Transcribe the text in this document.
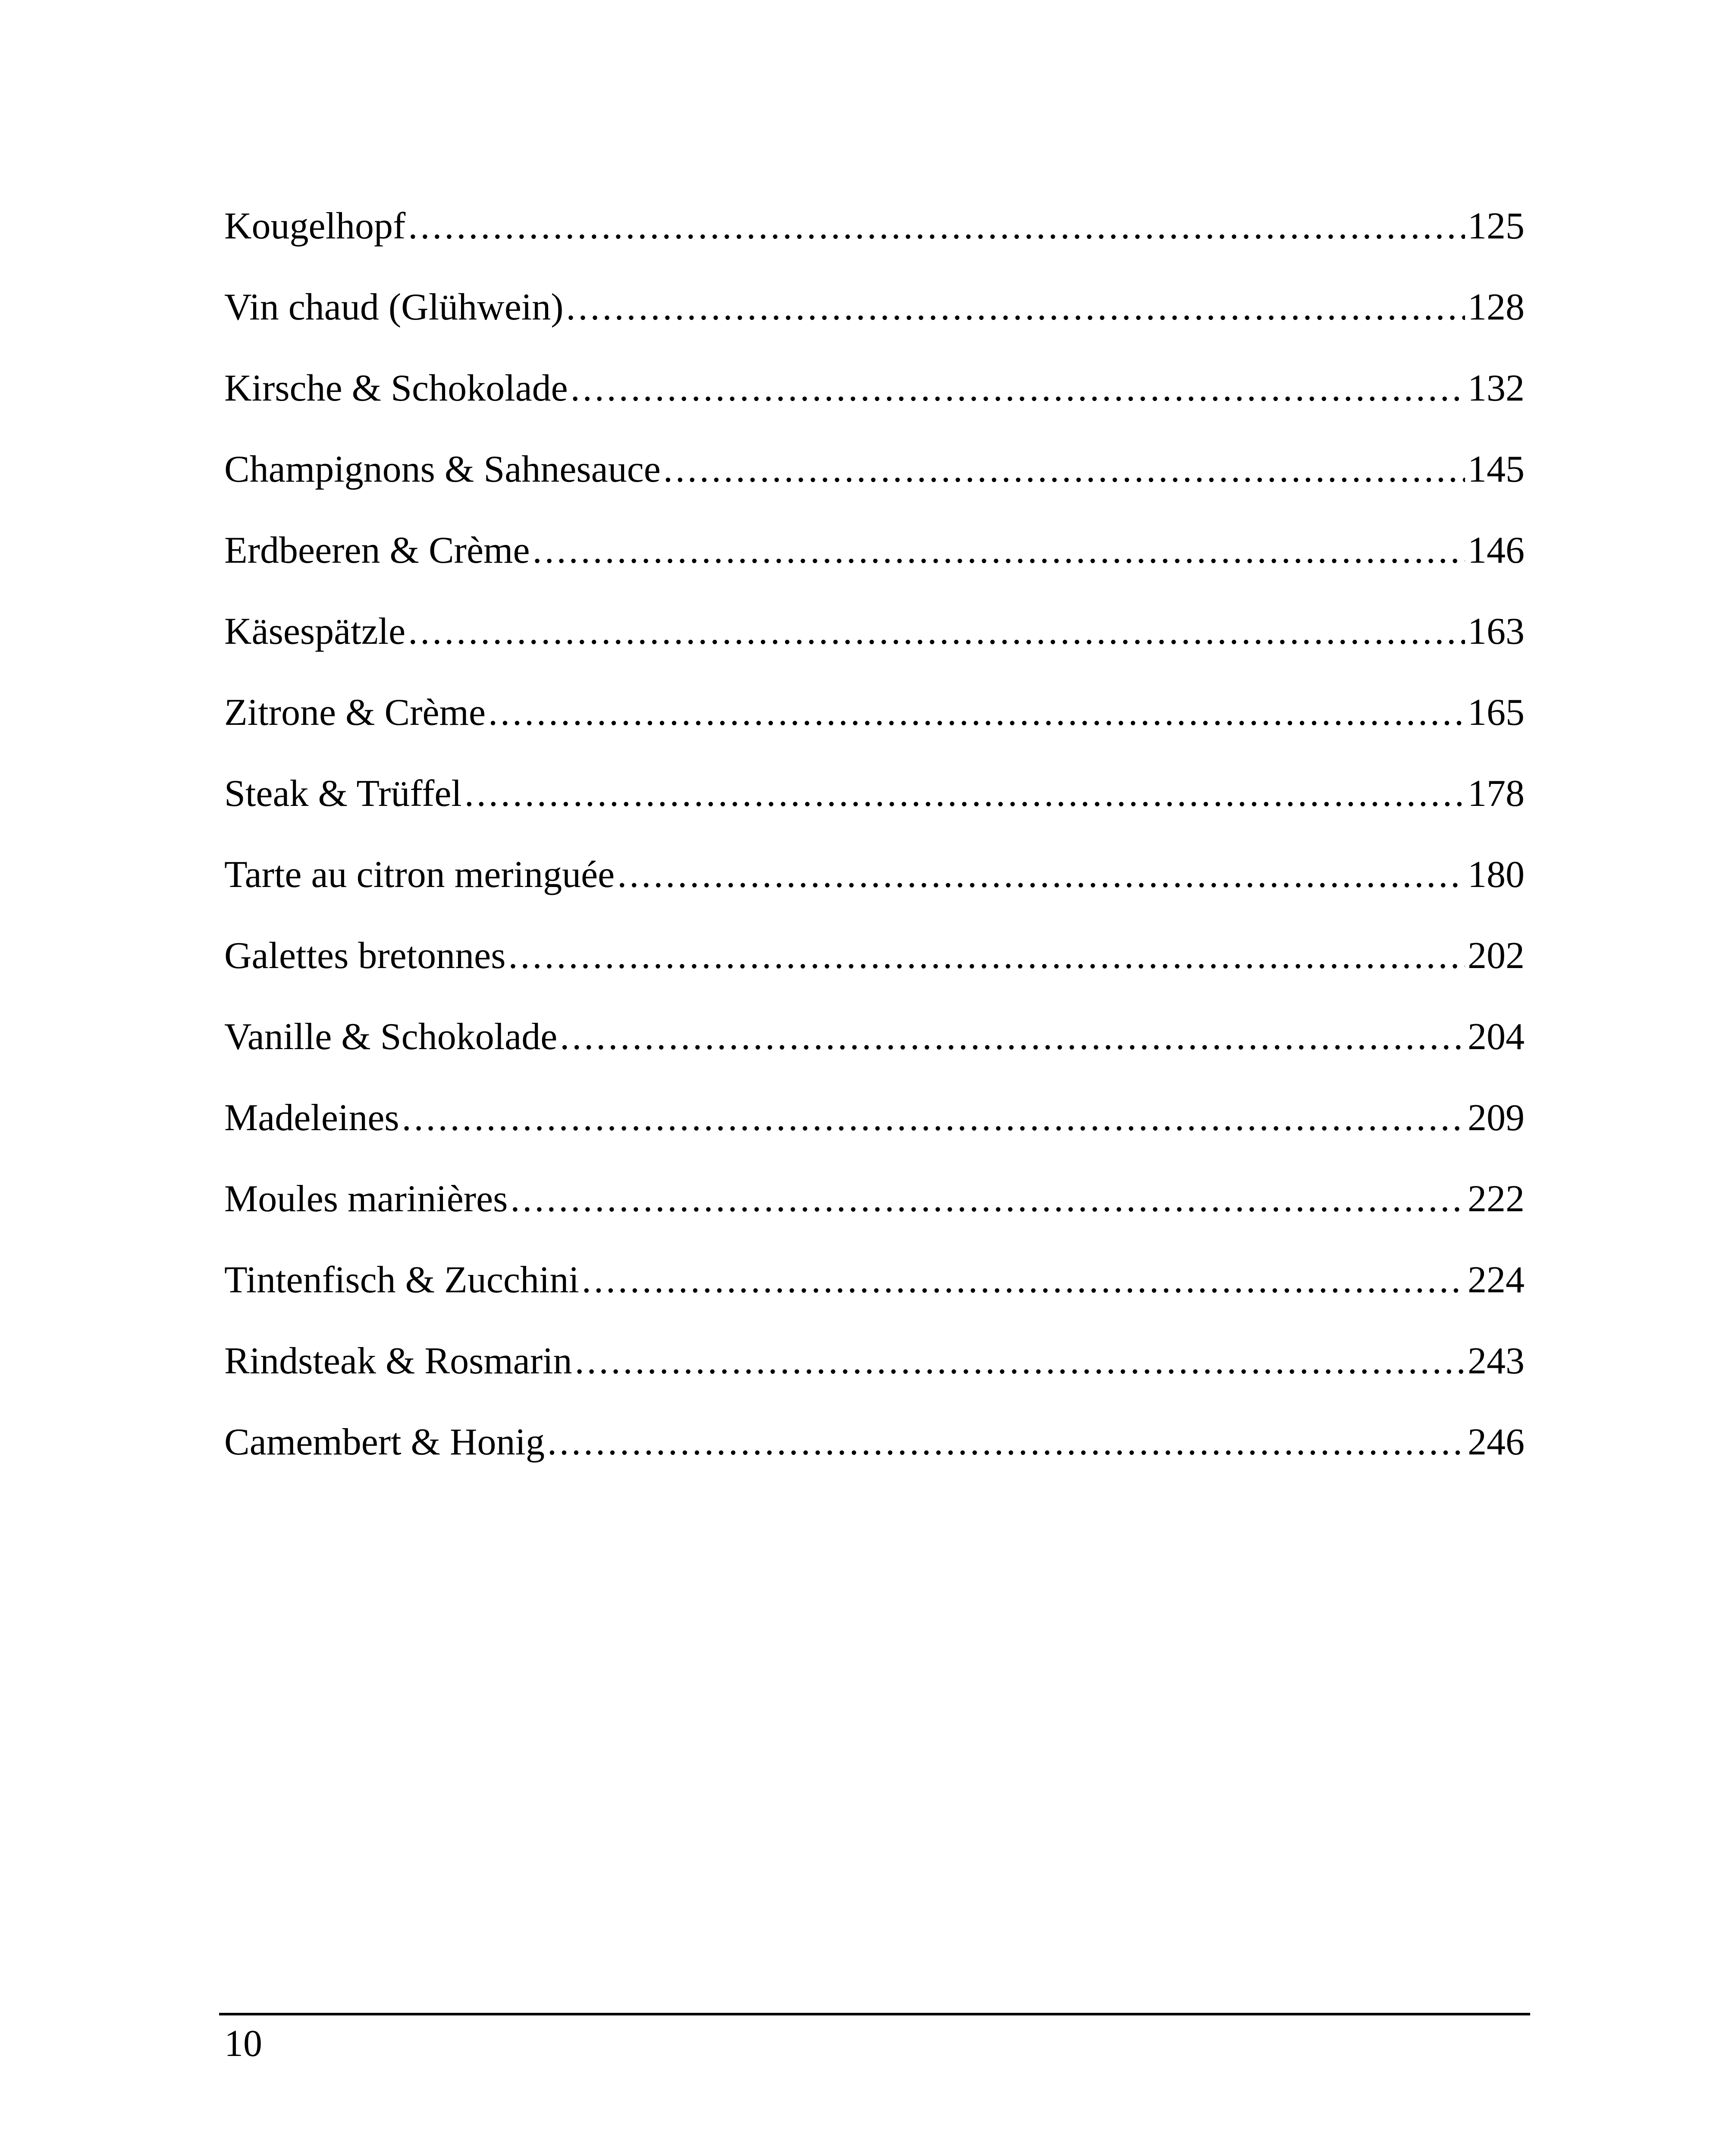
Kougelhopf . . .	125
Vin chaud (Glühwein) . . .	128
Kirsche & Schokolade . . .	132
Champignons & Sahnesauce . . .	145
Erdbeeren & Crème . . .	146
Käsespätzle . . .	163
Zitrone & Crème . . .	165
Steak & Trüffel . . .	178
Tarte au citron meringuée . . .	180
Galettes bretonnes . . .	202
Vanille & Schokolade . . .	204
Madeleines . . .	209
Moules marinières . . .	222
Tintenfisch & Zucchini . . .	224
Rindsteak & Rosmarin . . .	243
Camembert & Honig . . .	246
10
